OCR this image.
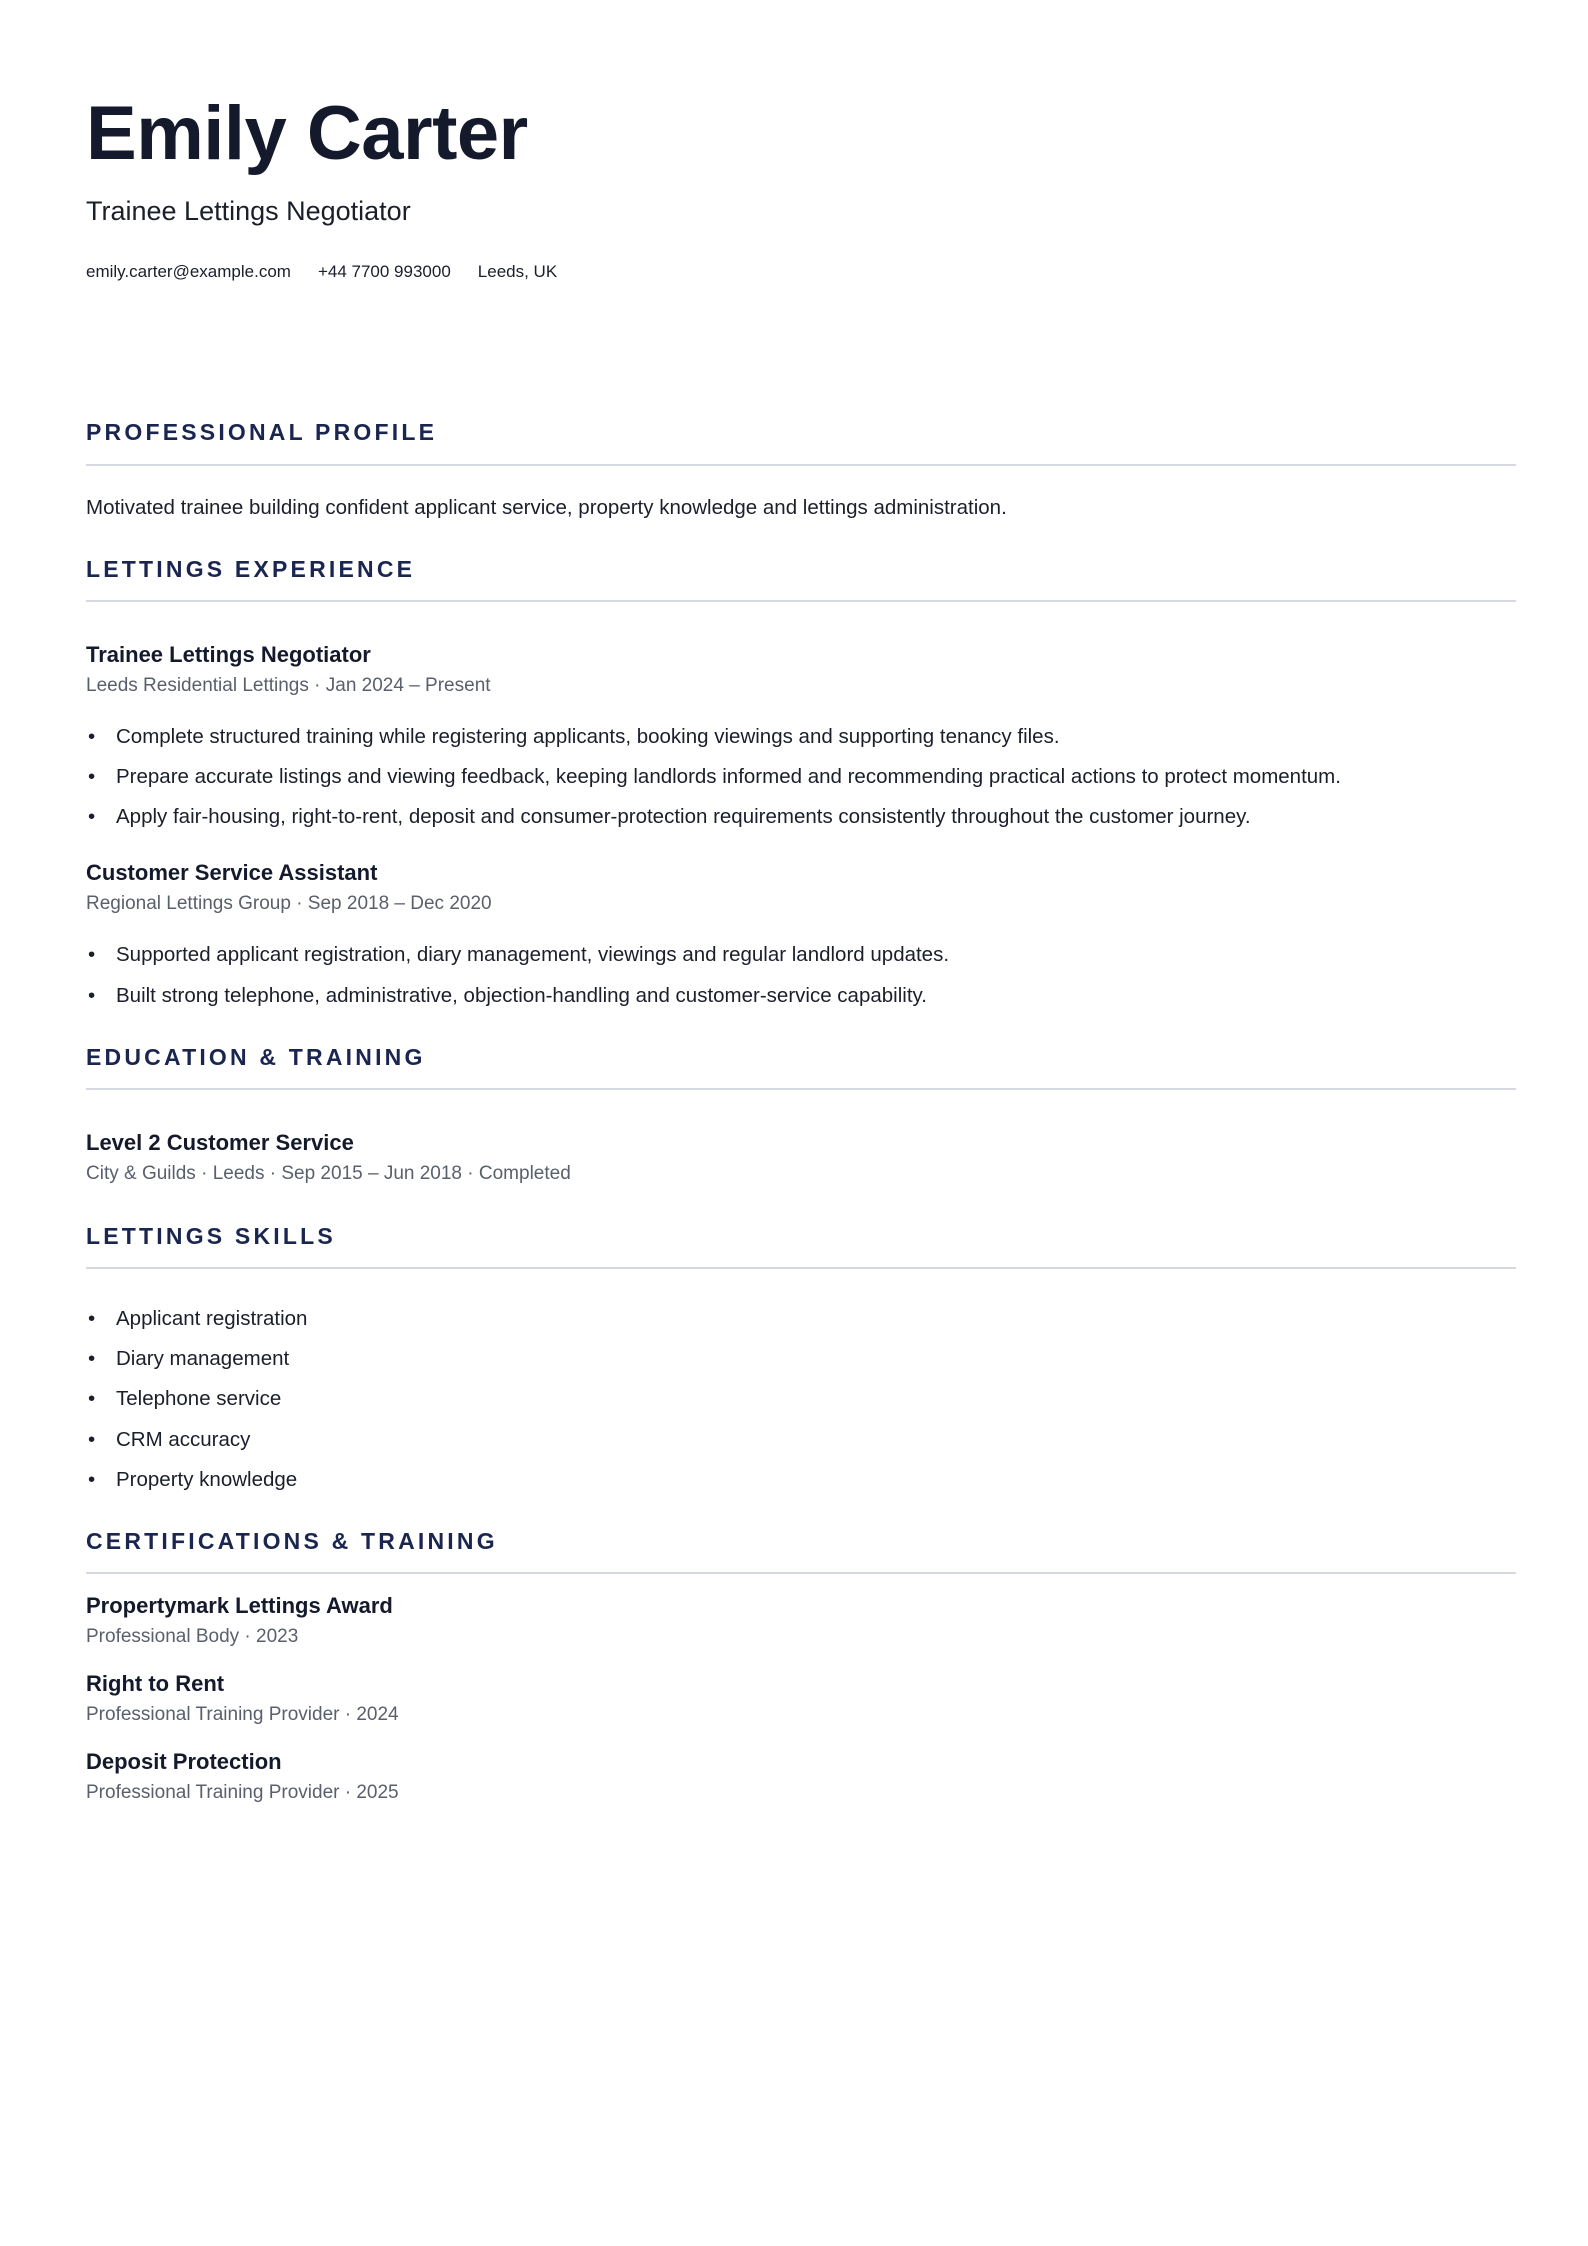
Emily Carter
Trainee Lettings Negotiator
emily.carter@example.com +44 7700 993000 Leeds, UK
PROFESSIONAL PROFILE
Motivated trainee building confident applicant service, property knowledge and lettings administration.
LETTINGS EXPERIENCE
Trainee Lettings Negotiator
Leeds Residential Lettings · Jan 2024 – Present
• Complete structured training while registering applicants, booking viewings and supporting tenancy files.
• Prepare accurate listings and viewing feedback, keeping landlords informed and recommending practical actions to protect momentum.
• Apply fair-housing, right-to-rent, deposit and consumer-protection requirements consistently throughout the customer journey.
Customer Service Assistant
Regional Lettings Group · Sep 2018 – Dec 2020
• Supported applicant registration, diary management, viewings and regular landlord updates.
• Built strong telephone, administrative, objection-handling and customer-service capability.
EDUCATION & TRAINING
Level 2 Customer Service
City & Guilds · Leeds · Sep 2015 – Jun 2018 · Completed
LETTINGS SKILLS
• Applicant registration
• Diary management
• Telephone service
• CRM accuracy
• Property knowledge
CERTIFICATIONS & TRAINING
Propertymark Lettings Award
Professional Body · 2023
Right to Rent
Professional Training Provider · 2024
Deposit Protection
Professional Training Provider · 2025
